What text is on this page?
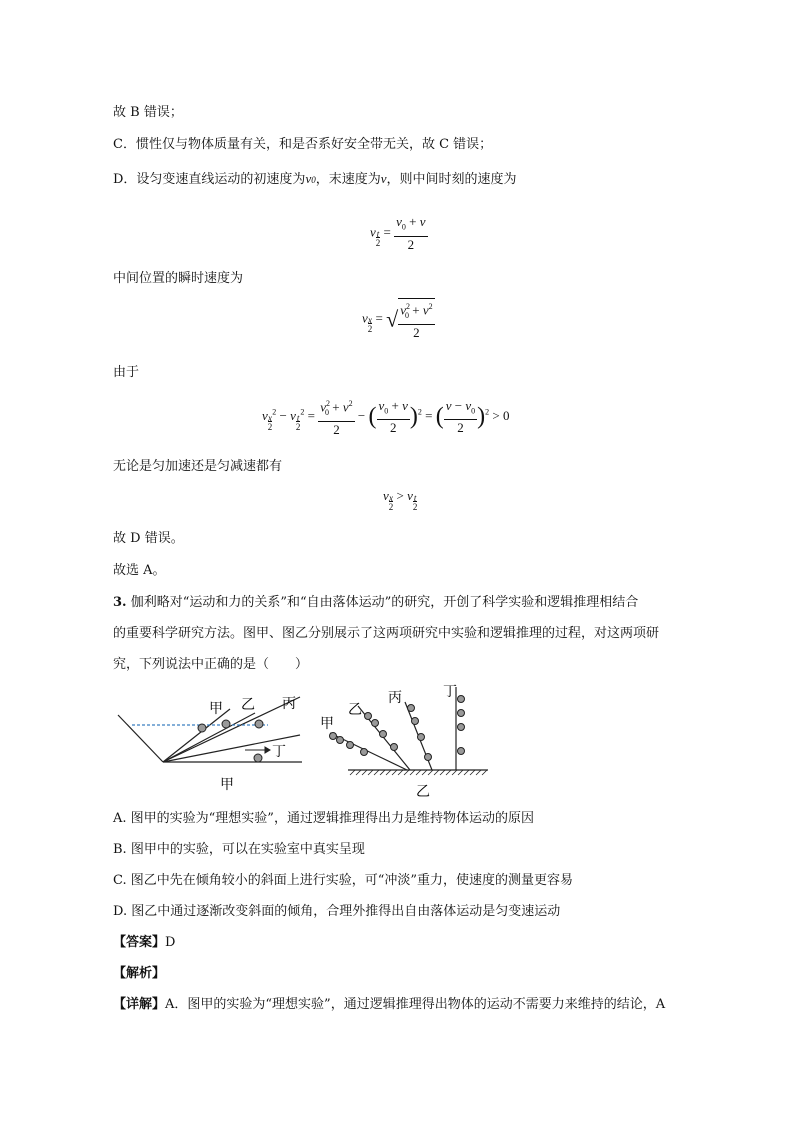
故 B 错误；
C．惯性仅与物体质量有关，和是否系好安全带无关，故 C 错误；
D．设匀变速直线运动的初速度为v0，末速度为v，则中间时刻的速度为
$v\frac{t}{2} = \frac{v_0 + v}{2}$
中间位置的瞬时速度为
$v\frac{x}{2}$ = √ $\frac{v^2_0 + v^2}{2}$
由于
$v\frac{x}{2}^2 - v\frac{t}{2}^2 = \frac{v^2_0 + v^2}{2}$ − ( $\frac{v_0 + v}{2} )^2$ = ( $\frac{v - v_0}{2} )^2 > 0$
无论是匀加速还是匀减速都有
$v\frac{x}{2} > v\frac{t}{2}$
故 D 错误。
故选 A。
3. 伽利略对“运动和力的关系”和“自由落体运动”的研究，开创了科学实验和逻辑推理相结合
的重要科学研究方法。图甲、图乙分别展示了这两项研究中实验和逻辑推理的过程，对这两项研
究，下列说法中正确的是（　　）
甲 乙 丙
丁
甲
甲
乙
丙	丁
乙
A. 图甲的实验为“理想实验”，通过逻辑推理得出力是维持物体运动的原因
B. 图甲中的实验，可以在实验室中真实呈现
C. 图乙中先在倾角较小的斜面上进行实验，可“冲淡”重力，使速度的测量更容易
D. 图乙中通过逐渐改变斜面的倾角，合理外推得出自由落体运动是匀变速运动
【答案】D
【解析】
【详解】A．图甲的实验为“理想实验”，通过逻辑推理得出物体的运动不需要力来维持的结论，A
